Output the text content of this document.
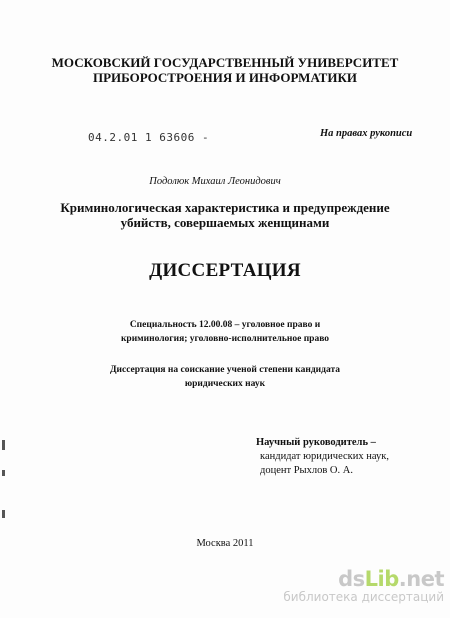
МОСКОВСКИЙ ГОСУДАРСТВЕННЫЙ УНИВЕРСИТЕТ
ПРИБОРОСТРОЕНИЯ И ИНФОРМАТИКИ
04.2.01 1 63606 -	На правах рукописи
Подолюк Михаил Леонидович
Криминологическая характеристика и предупреждение
убийств, совершаемых женщинами
ДИССЕРТАЦИЯ
Специальность 12.00.08 – уголовное право и
криминология; уголовно-исполнительное право
Диссертация на соискание ученой степени кандидата
юридических наук
Научный руководитель –
кандидат юридических наук,
доцент Рыхлов О. А.
Москва 2011
dsLib.net
библиотека диссертаций
